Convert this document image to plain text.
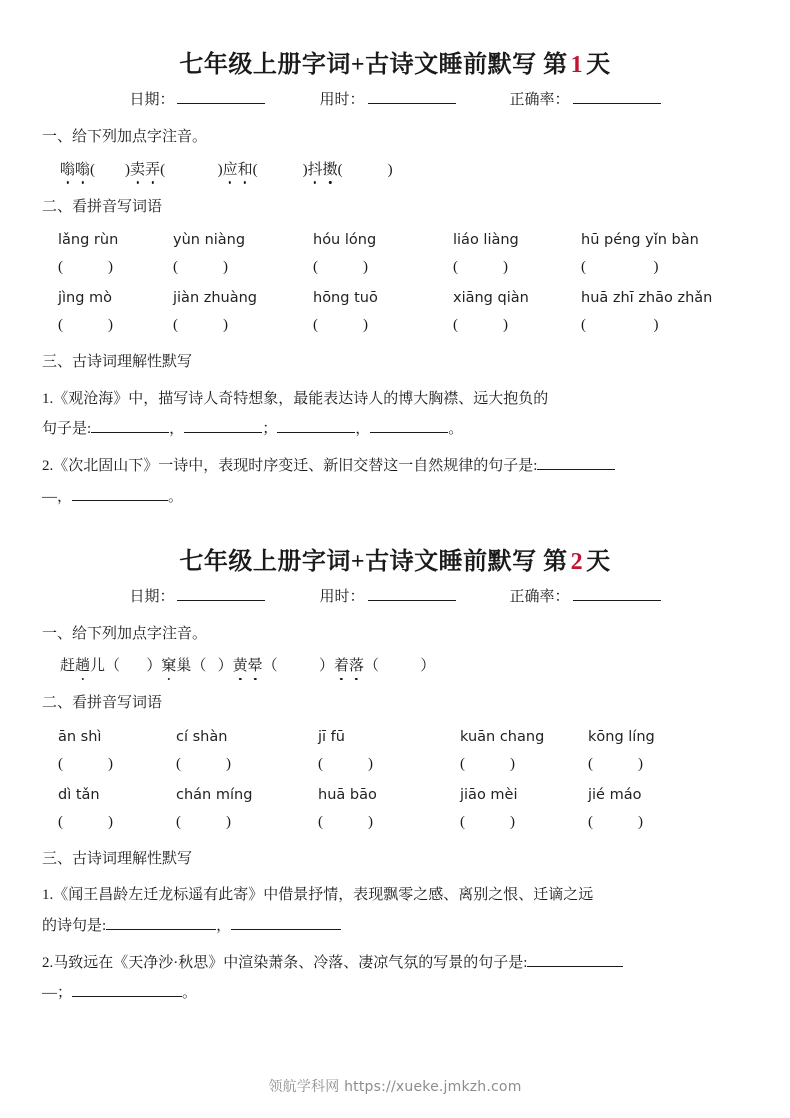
七年级上册字词+古诗文睡前默写 第 1 天
日期：	用时：	正确率：
一、给下列加点字注音。
嗡嗡 ( ) 卖弄 (	) 应和 (	) 抖擞 (	)
二、看拼音写词语
lǎng rùn	yùn niàng	hóu lóng	liáo liàng	hū péng yǐn bàn
(            )	(            )	(            )	(            )	(                  )
jìng mò	jiàn zhuàng	hōng tuō	xiāng qiàn	huā zhī zhāo zhǎn
(            )	(            )	(            )	(            )	(                  )
三、古诗词理解性默写
1.《观沧海》中，描写诗人奇特想象，最能表达诗人的博大胸襟、远大抱负的
句子是:	，	；	，	。
2.《次北固山下》一诗中，表现时序变迁、新旧交替这一自然规律的句子是:
—，	。
七年级上册字词+古诗文睡前默写 第 2 天
日期：	用时：	正确率：
一、给下列加点字注音。
赶趟儿 （ ） 窠巢 （ ） 黄晕 （	） 着落 （	）
二、看拼音写词语
ān shì	cí shàn	jī fū	kuān chang	kōng líng
(            )	(            )	(            )	(            )	(            )
dì tǎn	chán míng	huā bāo	jiāo mèi	jié máo
(            )	(            )	(            )	(            )	(            )
三、古诗词理解性默写
1.《闻王昌龄左迁龙标遥有此寄》中借景抒情，表现飘零之感、离别之恨、迁谪之远
的诗句是:	，
2.马致远在《天净沙·秋思》中渲染萧条、冷落、凄凉气氛的写景的句子是:
—；	。
领航学科网 https://xueke.jmkzh.com
